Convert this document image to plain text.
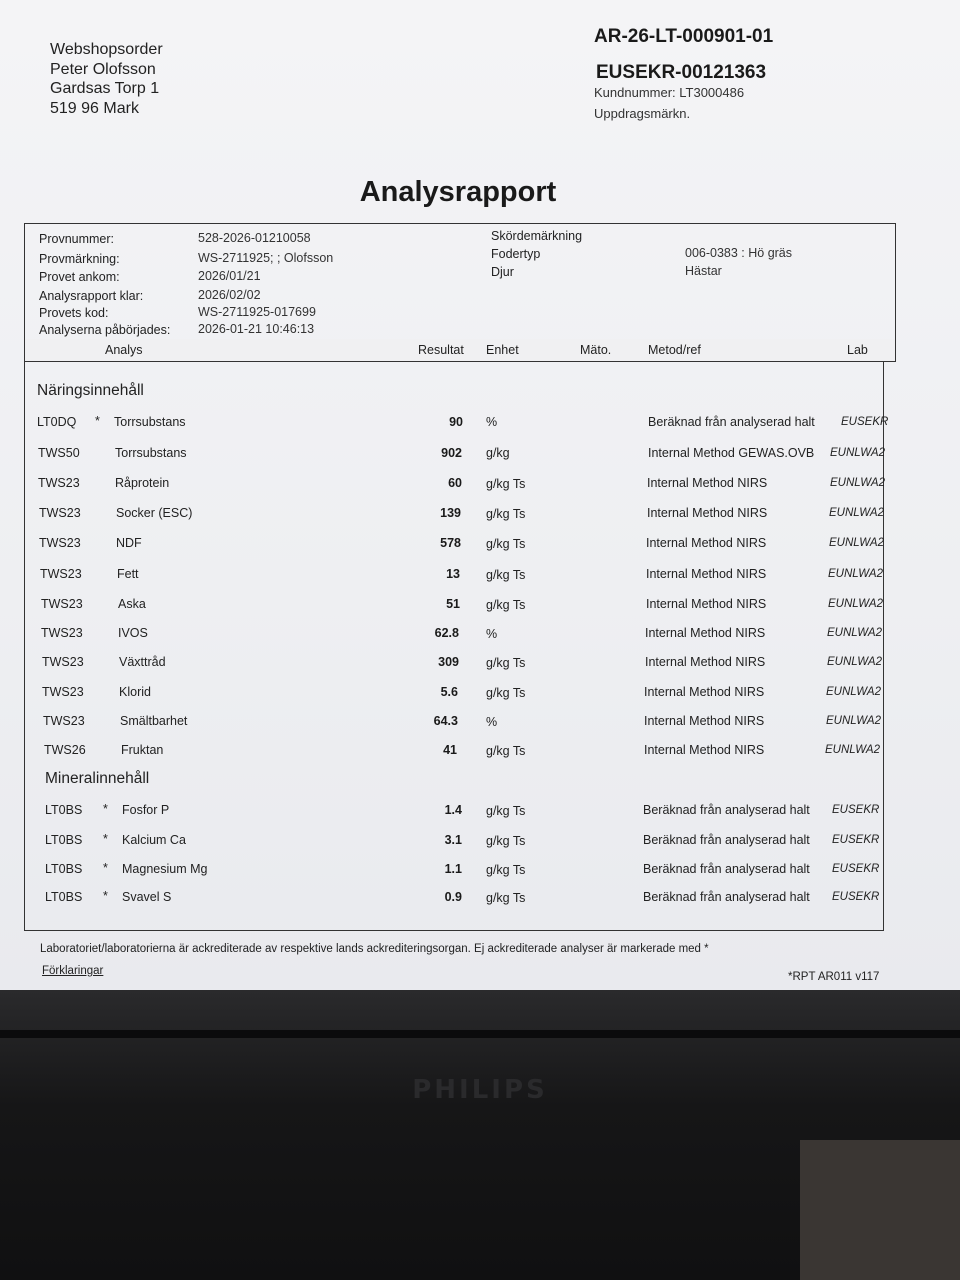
Webshopsorder
Peter Olofsson
Gardsas Torp 1
519 96 Mark
AR-26-LT-000901-01
EUSEKR-00121363
Kundnummer: LT3000486
Uppdragsmärkn.
Analysrapport
Provnummer:	528-2026-01210058
Provmärkning:	WS-2711925; ; Olofsson
Provet ankom:	2026/01/21
Analysrapport klar:	2026/02/02
Provets kod:	WS-2711925-017699
Analyserna påbörjades: 2026-01-21 10:46:13
Skördemärkning
Fodertyp	006-0383 : Hö gräs
Djur	Hästar
Analys	Resultat Enhet	Mäto.	Metod/ref	Lab
Näringsinnehåll
LT0DQ * Torrsubstans	90 %	Beräknad från analyserad halt EUSEKR
TWS50	Torrsubstans	902 g/kg	Internal Method GEWAS.OVB EUNLWA2
TWS23	Råprotein	60 g/kg Ts	Internal Method NIRS	EUNLWA2
TWS23	Socker (ESC)	139 g/kg Ts	Internal Method NIRS	EUNLWA2
TWS23	NDF	578 g/kg Ts	Internal Method NIRS	EUNLWA2
TWS23	Fett	13 g/kg Ts	Internal Method NIRS	EUNLWA2
TWS23	Aska	51 g/kg Ts	Internal Method NIRS	EUNLWA2
TWS23	IVOS	62.8 %	Internal Method NIRS	EUNLWA2
TWS23	Växttråd	309 g/kg Ts	Internal Method NIRS	EUNLWA2
TWS23	Klorid	5.6 g/kg Ts	Internal Method NIRS	EUNLWA2
TWS23	Smältbarhet	64.3 %	Internal Method NIRS	EUNLWA2
TWS26	Fruktan	41 g/kg Ts	Internal Method NIRS	EUNLWA2
Mineralinnehåll
LT0BS * Fosfor P	1.4 g/kg Ts	Beräknad från analyserad halt EUSEKR
LT0BS * Kalcium Ca	3.1 g/kg Ts	Beräknad från analyserad halt EUSEKR
LT0BS * Magnesium Mg	1.1 g/kg Ts	Beräknad från analyserad halt EUSEKR
LT0BS * Svavel S	0.9 g/kg Ts	Beräknad från analyserad halt EUSEKR
Laboratoriet/laboratorierna är ackrediterade av respektive lands ackrediteringsorgan. Ej ackrediterade analyser är markerade med *
Förklaringar	*RPT AR011 v117
PHILIPS
